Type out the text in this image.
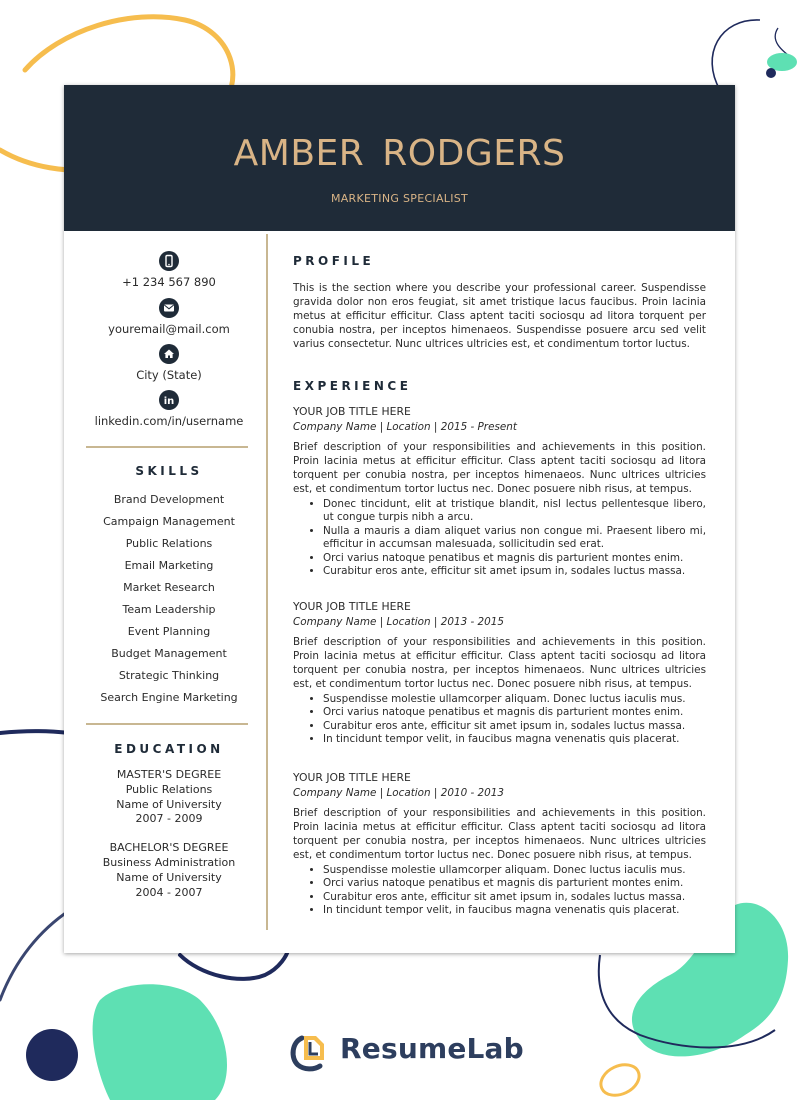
AMBER RODGERS
MARKETING SPECIALIST
+1 234 567 890
youremail@mail.com
City (State)
in
linkedin.com/in/username
SKILLS
Brand Development
Campaign Management
Public Relations
Email Marketing
Market Research
Team Leadership
Event Planning
Budget Management
Strategic Thinking
Search Engine Marketing
EDUCATION
MASTER'S DEGREE
Public Relations
Name of University
2007 - 2009
BACHELOR'S DEGREE
Business Administration
Name of University
2004 - 2007
PROFILE

This is the section where you describe your professional career. Suspendisse gravida dolor non eros feugiat, sit amet tristique lacus faucibus. Proin lacinia metus at efficitur efficitur. Class aptent taciti sociosqu ad litora torquent per conubia nostra, per inceptos himenaeos. Suspendisse posuere arcu sed velit varius consectetur. Nunc ultrices ultricies est, et condimentum tortor luctus.

EXPERIENCE
YOUR JOB TITLE HERE
Company Name | Location | 2015 - Present

Brief description of your responsibilities and achievements in this position. Proin lacinia metus at efficitur efficitur. Class aptent taciti sociosqu ad litora torquent per conubia nostra, per inceptos himenaeos. Nunc ultrices ultricies est, et condimentum tortor luctus nec. Donec posuere nibh risus, at tempus.

• Donec tincidunt, elit at tristique blandit, nisl lectus pellentesque libero, ut congue turpis nibh a arcu.
• Nulla a mauris a diam aliquet varius non congue mi. Praesent libero mi, efficitur in accumsan malesuada, sollicitudin sed erat.
• Orci varius natoque penatibus et magnis dis parturient montes enim.
• Curabitur eros ante, efficitur sit amet ipsum in, sodales luctus massa.
YOUR JOB TITLE HERE
Company Name | Location | 2013 - 2015

Brief description of your responsibilities and achievements in this position. Proin lacinia metus at efficitur efficitur. Class aptent taciti sociosqu ad litora torquent per conubia nostra, per inceptos himenaeos. Nunc ultrices ultricies est, et condimentum tortor luctus nec. Donec posuere nibh risus, at tempus.

• Suspendisse molestie ullamcorper aliquam. Donec luctus iaculis mus.
• Orci varius natoque penatibus et magnis dis parturient montes enim.
• Curabitur eros ante, efficitur sit amet ipsum in, sodales luctus massa.
• In tincidunt tempor velit, in faucibus magna venenatis quis placerat.
YOUR JOB TITLE HERE
Company Name | Location | 2010 - 2013

Brief description of your responsibilities and achievements in this position. Proin lacinia metus at efficitur efficitur. Class aptent taciti sociosqu ad litora torquent per conubia nostra, per inceptos himenaeos. Nunc ultrices ultricies est, et condimentum tortor luctus nec. Donec posuere nibh risus, at tempus.

• Suspendisse molestie ullamcorper aliquam. Donec luctus iaculis mus.
• Orci varius natoque penatibus et magnis dis parturient montes enim.
• Curabitur eros ante, efficitur sit amet ipsum in, sodales luctus massa.
• In tincidunt tempor velit, in faucibus magna venenatis quis placerat.
ResumeLab
